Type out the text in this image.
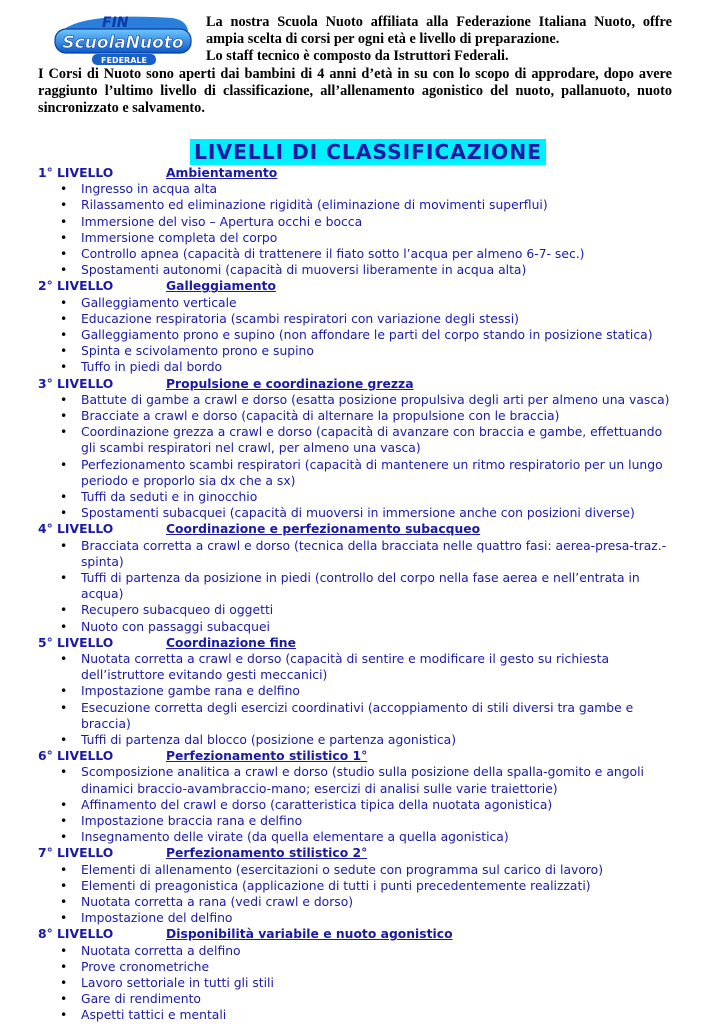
FIN
ScuolaNuoto
FEDERALE

La nostra Scuola Nuoto affiliata alla Federazione Italiana Nuoto, offre ampia scelta di corsi per ogni età e livello di preparazione.

Lo staff tecnico è composto da Istruttori Federali.

I Corsi di Nuoto sono aperti dai bambini di 4 anni d’età in su con lo scopo di approdare, dopo avere raggiunto l’ultimo livello di classificazione, all’allenamento agonistico del nuoto, pallanuoto, nuoto sincronizzato e salvamento.
LIVELLI DI CLASSIFICAZIONE
1° LIVELLO	Ambientamento
• Ingresso in acqua alta
• Rilassamento ed eliminazione rigidità (eliminazione di movimenti superflui)
• Immersione del viso – Apertura occhi e bocca
• Immersione completa del corpo
• Controllo apnea (capacità di trattenere il fiato sotto l’acqua per almeno 6-7- sec.)
• Spostamenti autonomi (capacità di muoversi liberamente in acqua alta)
2° LIVELLO	Galleggiamento
• Galleggiamento verticale
• Educazione respiratoria (scambi respiratori con variazione degli stessi)
• Galleggiamento prono e supino (non affondare le parti del corpo stando in posizione statica)
• Spinta e scivolamento prono e supino
• Tuffo in piedi dal bordo
3° LIVELLO	Propulsione e coordinazione grezza
• Battute di gambe a crawl e dorso (esatta posizione propulsiva degli arti per almeno una vasca)
• Bracciate a crawl e dorso (capacità di alternare la propulsione con le braccia)
• Coordinazione grezza a crawl e dorso (capacità di avanzare con braccia e gambe, effettuando gli scambi respiratori nel crawl, per almeno una vasca)
• Perfezionamento scambi respiratori (capacità di mantenere un ritmo respiratorio per un lungo periodo e proporlo sia dx che a sx)
• Tuffi da seduti e in ginocchio
• Spostamenti subacquei (capacità di muoversi in immersione anche con posizioni diverse)
4° LIVELLO	Coordinazione e perfezionamento subacqueo
• Bracciata corretta a crawl e dorso (tecnica della bracciata nelle quattro fasi: aerea-presa-traz.-spinta)
• Tuffi di partenza da posizione in piedi (controllo del corpo nella fase aerea e nell’entrata in acqua)
• Recupero subacqueo di oggetti
• Nuoto con passaggi subacquei
5° LIVELLO	Coordinazione fine
• Nuotata corretta a crawl e dorso (capacità di sentire e modificare il gesto su richiesta dell’istruttore evitando gesti meccanici)
• Impostazione gambe rana e delfino
• Esecuzione corretta degli esercizi coordinativi (accoppiamento di stili diversi tra gambe e braccia)
• Tuffi di partenza dal blocco (posizione e partenza agonistica)
6° LIVELLO	Perfezionamento stilistico 1°
• Scomposizione analitica a crawl e dorso (studio sulla posizione della spalla-gomito e angoli dinamici braccio-avambraccio-mano; esercizi di analisi sulle varie traiettorie)
• Affinamento del crawl e dorso (caratteristica tipica della nuotata agonistica)
• Impostazione braccia rana e delfino
• Insegnamento delle virate (da quella elementare a quella agonistica)
7° LIVELLO	Perfezionamento stilistico 2°
• Elementi di allenamento (esercitazioni o sedute con programma sul carico di lavoro)
• Elementi di preagonistica (applicazione di tutti i punti precedentemente realizzati)
• Nuotata corretta a rana (vedi crawl e dorso)
• Impostazione del delfino
8° LIVELLO	Disponibilità variabile e nuoto agonistico
• Nuotata corretta a delfino
• Prove cronometriche
• Lavoro settoriale in tutti gli stili
• Gare di rendimento
• Aspetti tattici e mentali
